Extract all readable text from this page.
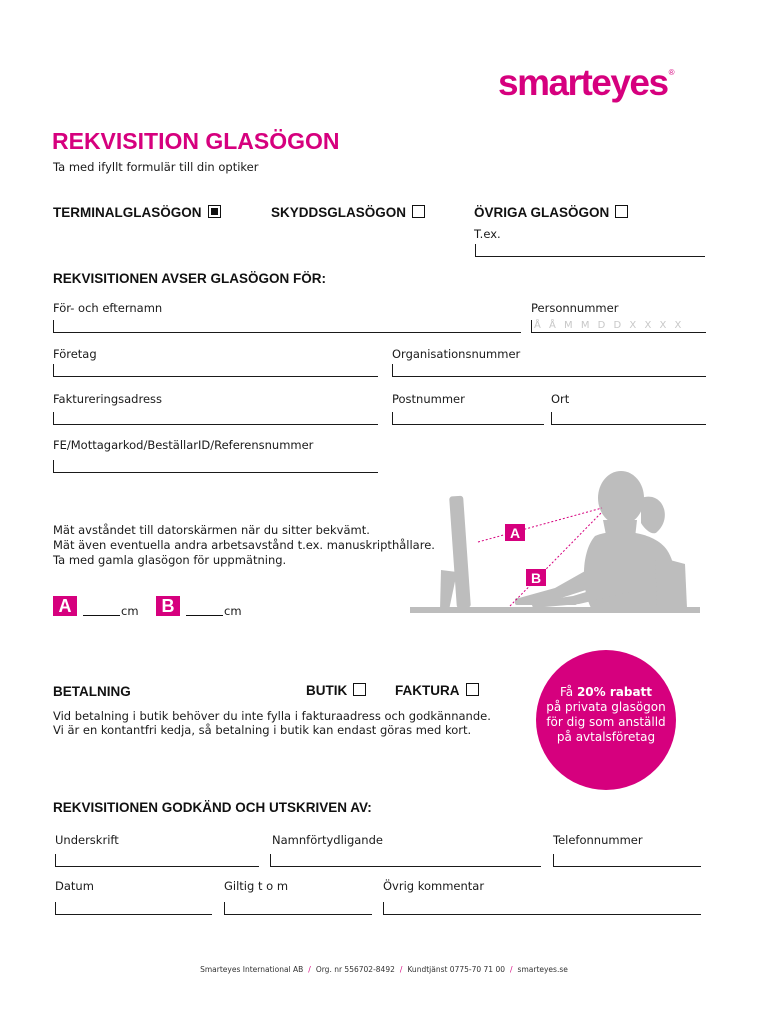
smarteyes®
REKVISITION GLASÖGON
Ta med ifyllt formulär till din optiker
TERMINALGLASÖGON	SKYDDSGLASÖGON	ÖVRIGA GLASÖGON
T.ex.
REKVISITIONEN AVSER GLASÖGON FÖR:
För- och efternamn	Personnummer
Å Å M M D D X X X X
Företag	Organisationsnummer
Faktureringsadress	Postnummer	Ort
FE/Mottagarkod/BeställarID/Referensnummer
Mät avståndet till datorskärmen när du sitter bekvämt.
Mät även eventuella andra arbetsavstånd t.ex. manuskripthållare.
Ta med gamla glasögon för uppmätning.
A	cm	B	cm
A
B
BETALNING	BUTIK	FAKTURA
Vid betalning i butik behöver du inte fylla i fakturaadress och godkännande.
Vi är en kontantfri kedja, så betalning i butik kan endast göras med kort.
Få 20% rabatt
på privata glasögon
för dig som anställd
på avtalsföretag
REKVISITIONEN GODKÄND OCH UTSKRIVEN AV:
Underskrift	Namnförtydligande	Telefonnummer
Datum	Giltig t o m	Övrig kommentar
Smarteyes International AB / Org. nr 556702-8492 / Kundtjänst 0775-70 71 00 / smarteyes.se
